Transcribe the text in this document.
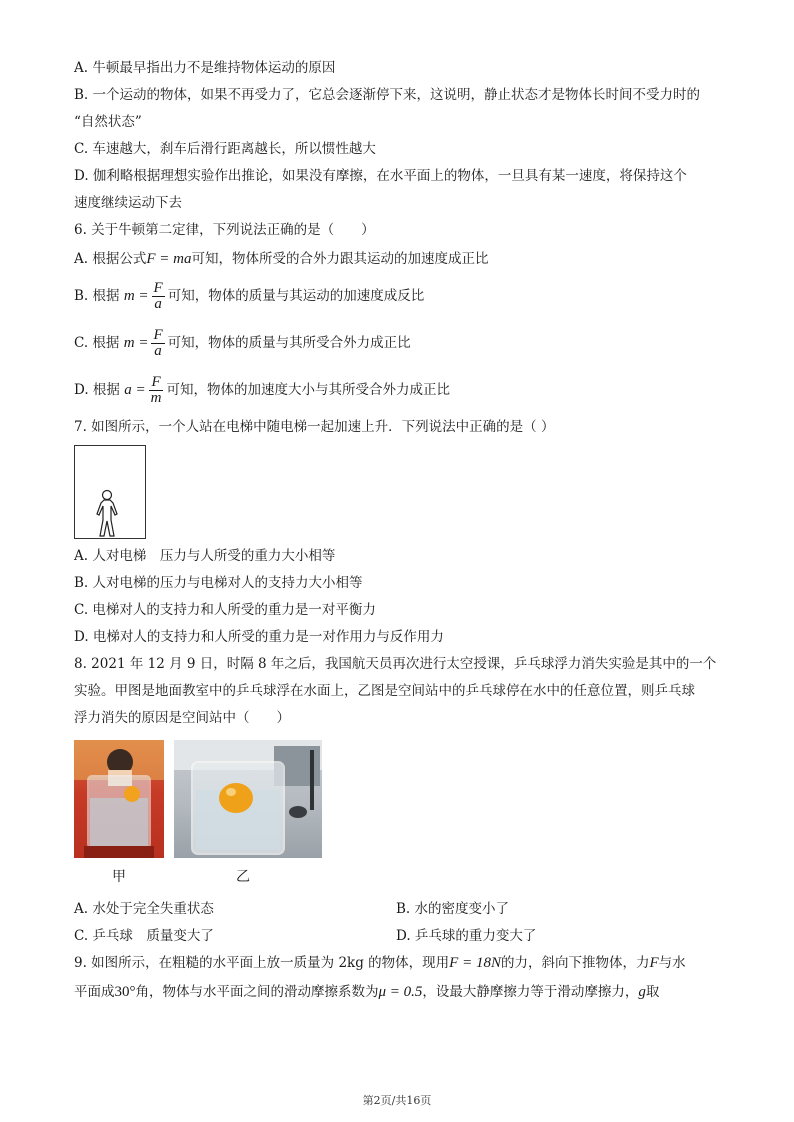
A. 牛顿最早指出力不是维持物体运动的原因
B. 一个运动的物体，如果不再受力了，它总会逐渐停下来，这说明，静止状态才是物体长时间不受力时的
“自然状态”
C. 车速越大，刹车后滑行距离越长，所以惯性越大
D. 伽利略根据理想实验作出推论，如果没有摩擦，在水平面上的物体，一旦具有某一速度，将保持这个
速度继续运动下去
6. 关于牛顿第二定律，下列说法正确的是（　　）
A. 根据公式F = ma可知，物体所受的合外力跟其运动的加速度成正比
B. 根据 $m = \frac{F}{a}$ 可知，物体的质量与其运动的加速度成反比
C. 根据 $m = \frac{F}{a}$ 可知，物体的质量与其所受合外力成正比
D. 根据 $a = \frac{F}{m}$ 可知，物体的加速度大小与其所受合外力成正比
7. 如图所示，一个人站在电梯中随电梯一起加速上升．下列说法中正确的是（ ）
A. 人对电梯　压力与人所受的重力大小相等
B. 人对电梯的压力与电梯对人的支持力大小相等
C. 电梯对人的支持力和人所受的重力是一对平衡力
D. 电梯对人的支持力和人所受的重力是一对作用力与反作用力
8. 2021 年 12 月 9 日，时隔 8 年之后，我国航天员再次进行太空授课，乒乓球浮力消失实验是其中的一个
实验。甲图是地面教室中的乒乓球浮在水面上，乙图是空间站中的乒乓球停在水中的任意位置，则乒乓球
浮力消失的原因是空间站中（　　）
甲	乙
A. 水处于完全失重状态	B. 水的密度变小了
C. 乒乓球　质量变大了	D. 乒乓球的重力变大了
9. 如图所示，在粗糙的水平面上放一质量为 2kg 的物体，现用F = 18N的力，斜向下推物体，力F与水
平面成30°角，物体与水平面之间的滑动摩擦系数为μ = 0.5，设最大静摩擦力等于滑动摩擦力，g取
第2页/共16页
